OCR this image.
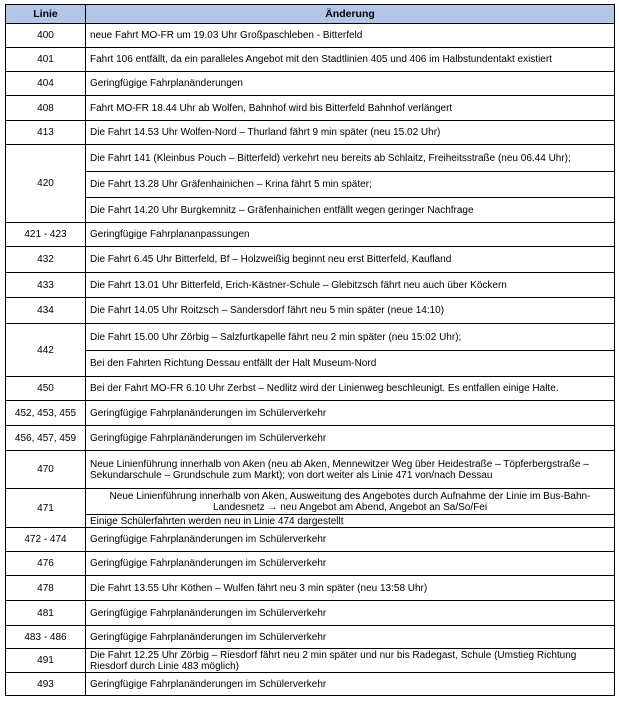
Linie	Änderung
400	neue Fahrt MO-FR um 19.03 Uhr Großpaschleben - Bitterfeld
401	Fahrt 106 entfällt, da ein paralleles Angebot mit den Stadtlinien 405 und 406 im Halbstundentakt existiert
404	Geringfügige Fahrplanänderungen
408	Fahrt MO-FR 18.44 Uhr ab Wolfen, Bahnhof wird bis Bitterfeld Bahnhof verlängert
413	Die Fahrt 14.53 Uhr Wolfen-Nord – Thurland fährt 9 min später (neu 15.02 Uhr)
420	Die Fahrt 141 (Kleinbus Pouch – Bitterfeld) verkehrt neu bereits ab Schlaitz, Freiheitsstraße (neu 06.44 Uhr);
	Die Fahrt 13.28 Uhr Gräfenhainichen – Krina fährt 5 min später;
	Die Fahrt 14.20 Uhr Burgkemnitz – Gräfenhainichen entfällt wegen geringer Nachfrage
421 - 423	Geringfügige Fahrplananpassungen
432	Die Fahrt 6.45 Uhr Bitterfeld, Bf – Holzweißig beginnt neu erst Bitterfeld, Kaufland
433	Die Fahrt 13.01 Uhr Bitterfeld, Erich-Kästner-Schule – Glebitzsch fährt neu auch über Köckern
434	Die Fahrt 14.05 Uhr Roitzsch – Sandersdorf fährt neu 5 min später (neue 14:10)
442	Die Fahrt 15.00 Uhr Zörbig – Salzfurtkapelle fährt neu 2 min später (neu 15:02 Uhr);
	Bei den Fahrten Richtung Dessau entfällt der Halt Museum-Nord
450	Bei der Fahrt MO-FR 6.10 Uhr Zerbst – Nedlitz wird der Linienweg beschleunigt. Es entfallen einige Halte.
452, 453, 455	Geringfügige Fahrplanänderungen im Schülerverkehr
456, 457, 459	Geringfügige Fahrplanänderungen im Schülerverkehr
470	Neue Linienführung innerhalb von Aken (neu ab Aken, Mennewitzer Weg über Heidestraße – Töpferbergstraße – Sekundarschule – Grundschule zum Markt); von dort weiter als Linie 471 von/nach Dessau
471	Neue Linienführung innerhalb von Aken, Ausweitung des Angebotes durch Aufnahme der Linie im Bus-Bahn-Landesnetz → neu Angebot am Abend, Angebot an Sa/So/Fei
	Einige Schülerfahrten werden neu in Linie 474 dargestellt
472 - 474	Geringfügige Fahrplanänderungen im Schülerverkehr
476	Geringfügige Fahrplanänderungen im Schülerverkehr
478	Die Fahrt 13.55 Uhr Köthen – Wulfen fährt neu 3 min später (neu 13:58 Uhr)
481	Geringfügige Fahrplanänderungen im Schülerverkehr
483 - 486	Geringfügige Fahrplanänderungen im Schülerverkehr
491	Die Fahrt 12.25 Uhr Zörbig – Riesdorf fährt neu 2 min später und nur bis Radegast, Schule (Umstieg Richtung Riesdorf durch Linie 483 möglich)
493	Geringfügige Fahrplanänderungen im Schülerverkehr
